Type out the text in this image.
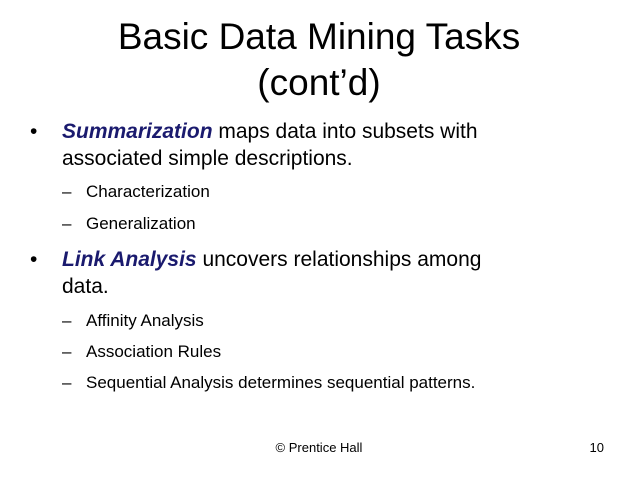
Basic Data Mining Tasks
(cont’d)
• Summarization maps data into subsets with
associated simple descriptions.
– Characterization
– Generalization
• Link Analysis uncovers relationships among
data.
– Affinity Analysis
– Association Rules
– Sequential Analysis determines sequential patterns.
© Prentice Hall	10
